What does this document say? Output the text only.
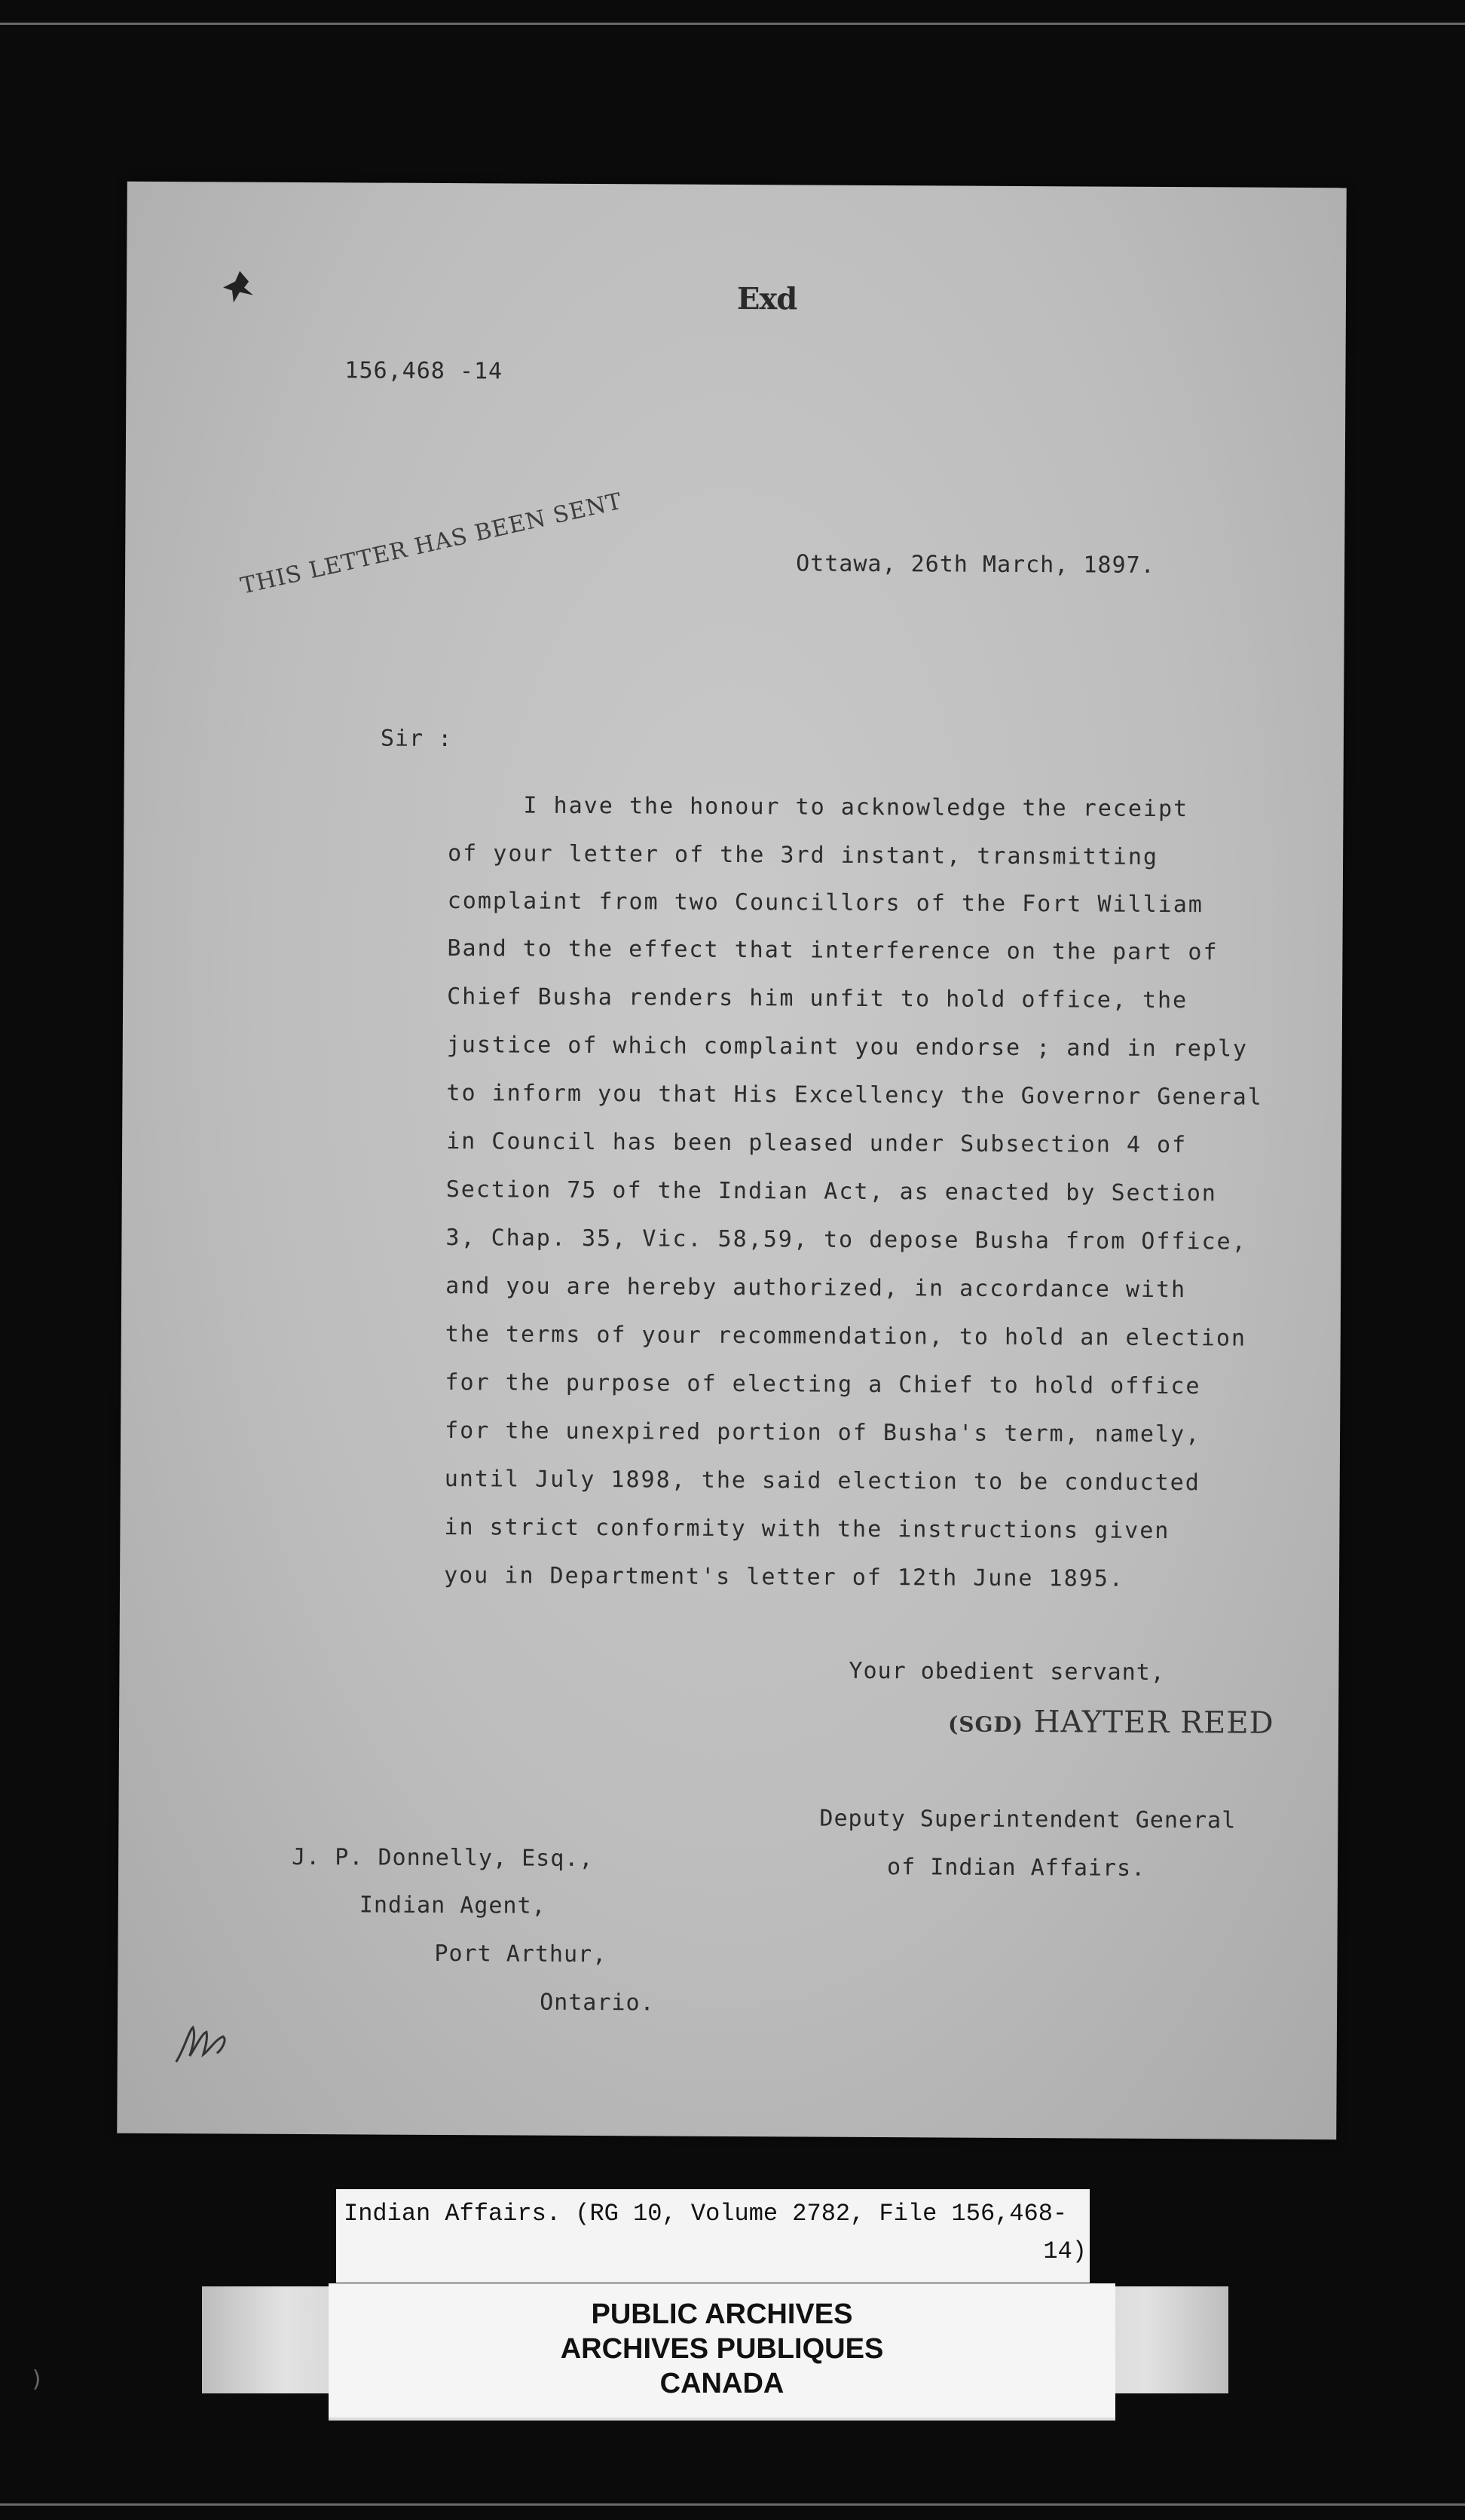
Exd
156,468 -14
THIS LETTER HAS BEEN SENT	Ottawa, 26th March, 1897.
Sir :
I have the honour to acknowledge the receipt
of your letter of the 3rd instant, transmitting
complaint from two Councillors of the Fort William
Band to the effect that interference on the part of
Chief Busha renders him unfit to hold office, the
justice of which complaint you endorse ; and in reply
to inform you that His Excellency the Governor General
in Council has been pleased under Subsection 4 of
Section 75 of the Indian Act, as enacted by Section
3, Chap. 35, Vic. 58,59, to depose Busha from Office,
and you are hereby authorized, in accordance with
the terms of your recommendation, to hold an election
for the purpose of electing a Chief to hold office
for the unexpired portion of Busha's term, namely,
until July 1898, the said election to be conducted
in strict conformity with the instructions given
you in Department's letter of 12th June 1895.
Your obedient servant,
(SGD) HAYTER REED
Deputy Superintendent General
of Indian Affairs.
J. P. Donnelly, Esq.,
Indian Agent,
Port Arthur,
Ontario.
Indian Affairs. (RG 10, Volume 2782, File 156,468-
14)
PUBLIC ARCHIVES
ARCHIVES PUBLIQUES
CANADA
)
